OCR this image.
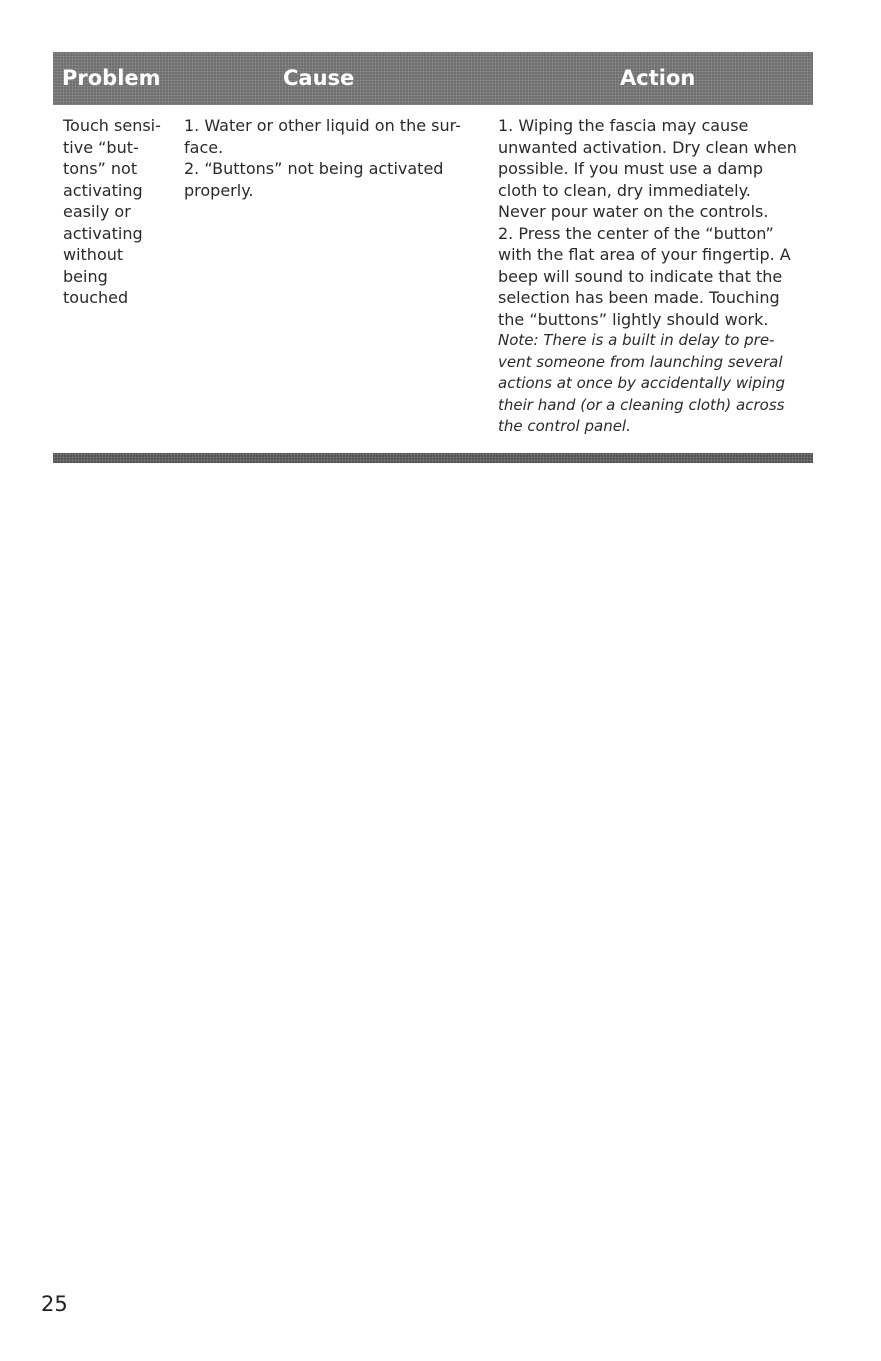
Problem	Cause	Action
Touch sensi-
tive “but-
tons” not
activating
easily or
activating
without
being
touched
1. Water or other liquid on the sur-
face.
2. “Buttons” not being activated
properly.
1. Wiping the fascia may cause
unwanted activation. Dry clean when
possible. If you must use a damp
cloth to clean, dry immediately.
Never pour water on the controls.
2. Press the center of the “button”
with the flat area of your fingertip. A
beep will sound to indicate that the
selection has been made. Touching
the “buttons” lightly should work.
Note: There is a built in delay to pre-
vent someone from launching several
actions at once by accidentally wiping
their hand (or a cleaning cloth) across
the control panel.
25
